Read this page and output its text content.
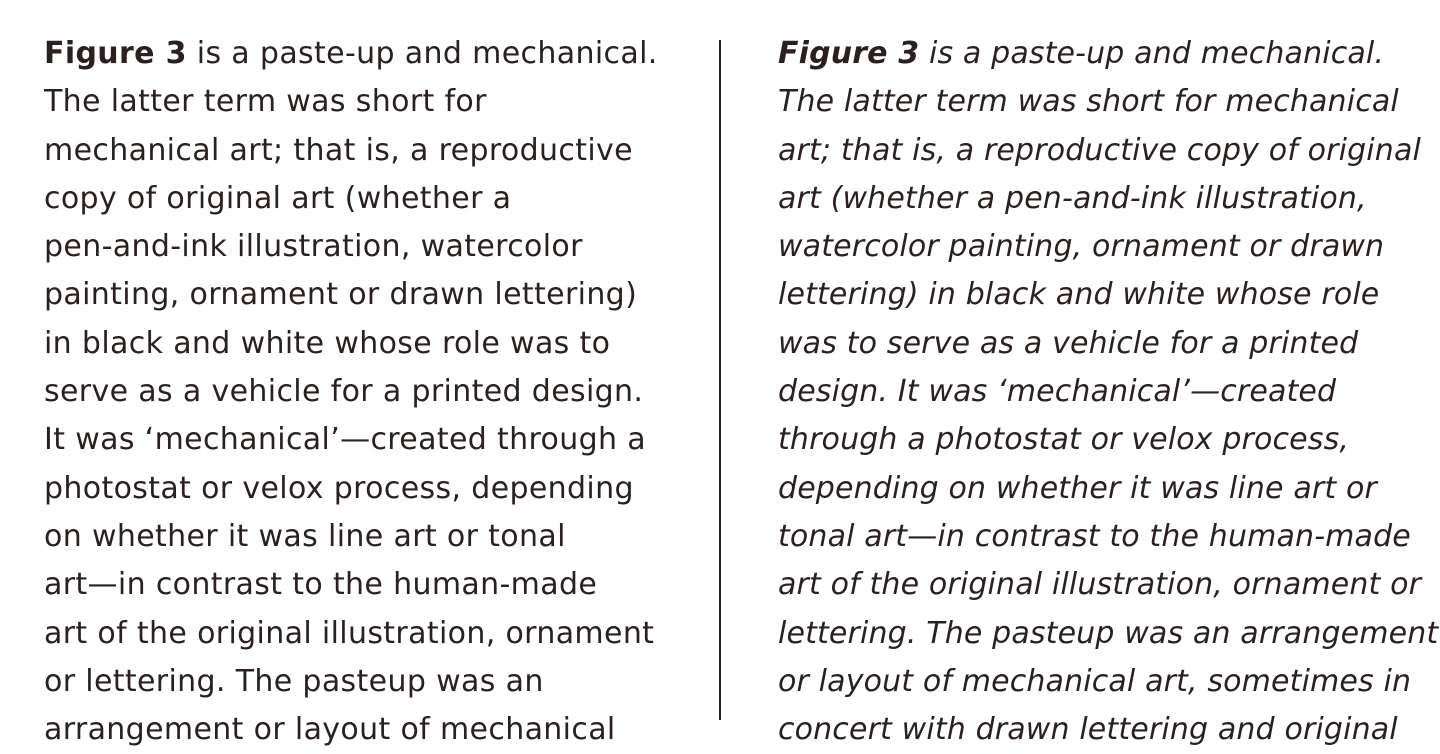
Figure 3 is a paste-up and mechanical.
The latter term was short for
mechanical art; that is, a reproductive
copy of original art (whether a
pen-and-ink illustration, watercolor
painting, ornament or drawn lettering)
in black and white whose role was to
serve as a vehicle for a printed design.
It was ‘mechanical’—created through a
photostat or velox process, depending
on whether it was line art or tonal
art—in contrast to the human-made
art of the original illustration, ornament
or lettering. The pasteup was an
arrangement or layout of mechanical
Figure 3 is a paste-up and mechanical.
The latter term was short for mechanical
art; that is, a reproductive copy of original
art (whether a pen-and-ink illustration,
watercolor painting, ornament or drawn
lettering) in black and white whose role
was to serve as a vehicle for a printed
design. It was ‘mechanical’—created
through a photostat or velox process,
depending on whether it was line art or
tonal art—in contrast to the human-made
art of the original illustration, ornament or
lettering. The pasteup was an arrangement
or layout of mechanical art, sometimes in
concert with drawn lettering and original
